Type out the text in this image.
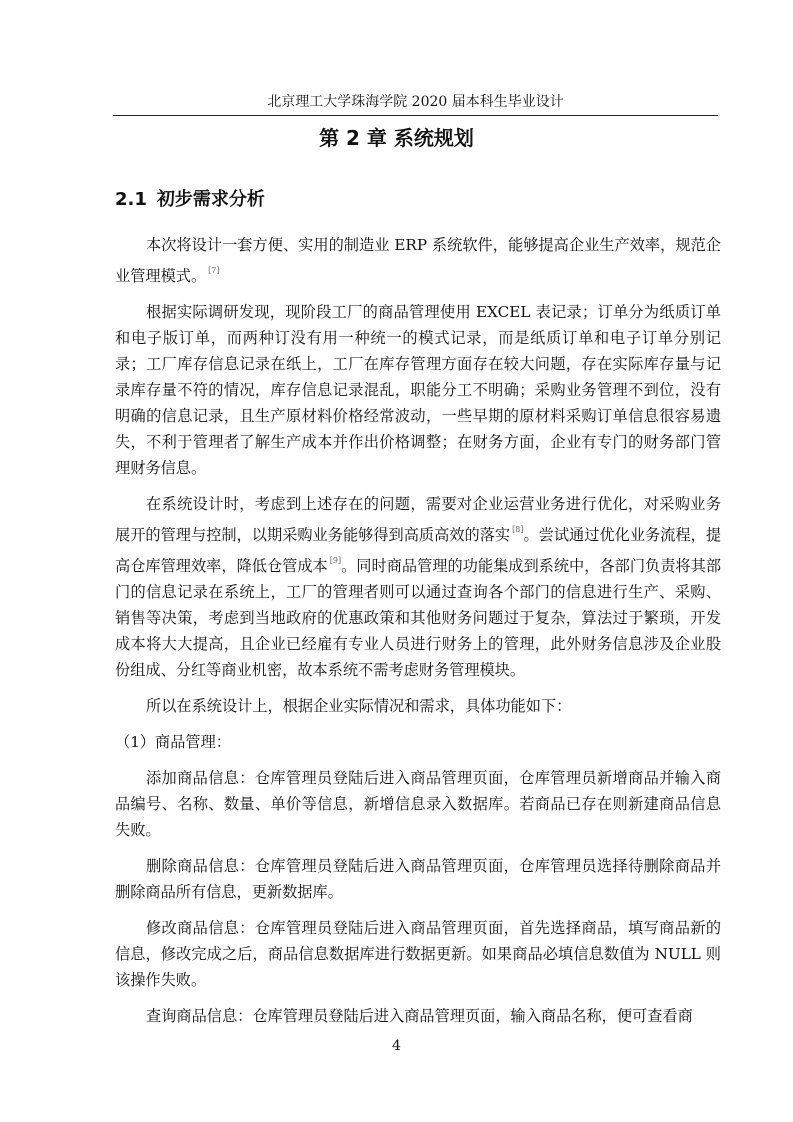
北京理工大学珠海学院 2020 届本科生毕业设计
第 2 章 系统规划
2.1 初步需求分析

本次将设计一套方便、实用的制造业 ERP 系统软件，能够提高企业生产效率，规范企业管理模式。 [7]

根据实际调研发现，现阶段工厂的商品管理使用 EXCEL 表记录；订单分为纸质订单和电子版订单，而两种订没有用一种统一的模式记录，而是纸质订单和电子订单分别记录；工厂库存信息记录在纸上，工厂在库存管理方面存在较大问题，存在实际库存量与记录库存量不符的情况，库存信息记录混乱，职能分工不明确；采购业务管理不到位，没有明确的信息记录，且生产原材料价格经常波动，一些早期的原材料采购订单信息很容易遗失，不利于管理者了解生产成本并作出价格调整；在财务方面，企业有专门的财务部门管理财务信息。

在系统设计时，考虑到上述存在的问题，需要对企业运营业务进行优化，对采购业务展开的管理与控制，以期采购业务能够得到高质高效的落实 [8]。尝试通过优化业务流程，提高仓库管理效率，降低仓管成本 [9]。同时商品管理的功能集成到系统中，各部门负责将其部门的信息记录在系统上，工厂的管理者则可以通过查询各个部门的信息进行生产、采购、销售等决策，考虑到当地政府的优惠政策和其他财务问题过于复杂，算法过于繁琐，开发成本将大大提高，且企业已经雇有专业人员进行财务上的管理，此外财务信息涉及企业股份组成、分红等商业机密，故本系统不需考虑财务管理模块。

所以在系统设计上，根据企业实际情况和需求，具体功能如下：

（1）商品管理：

添加商品信息：仓库管理员登陆后进入商品管理页面，仓库管理员新增商品并输入商品编号、名称、数量、单价等信息，新增信息录入数据库。若商品已存在则新建商品信息失败。

删除商品信息：仓库管理员登陆后进入商品管理页面，仓库管理员选择待删除商品并删除商品所有信息，更新数据库。

修改商品信息：仓库管理员登陆后进入商品管理页面，首先选择商品，填写商品新的信息，修改完成之后，商品信息数据库进行数据更新。如果商品必填信息数值为 NULL 则该操作失败。

查询商品信息：仓库管理员登陆后进入商品管理页面，输入商品名称，便可查看商

4
